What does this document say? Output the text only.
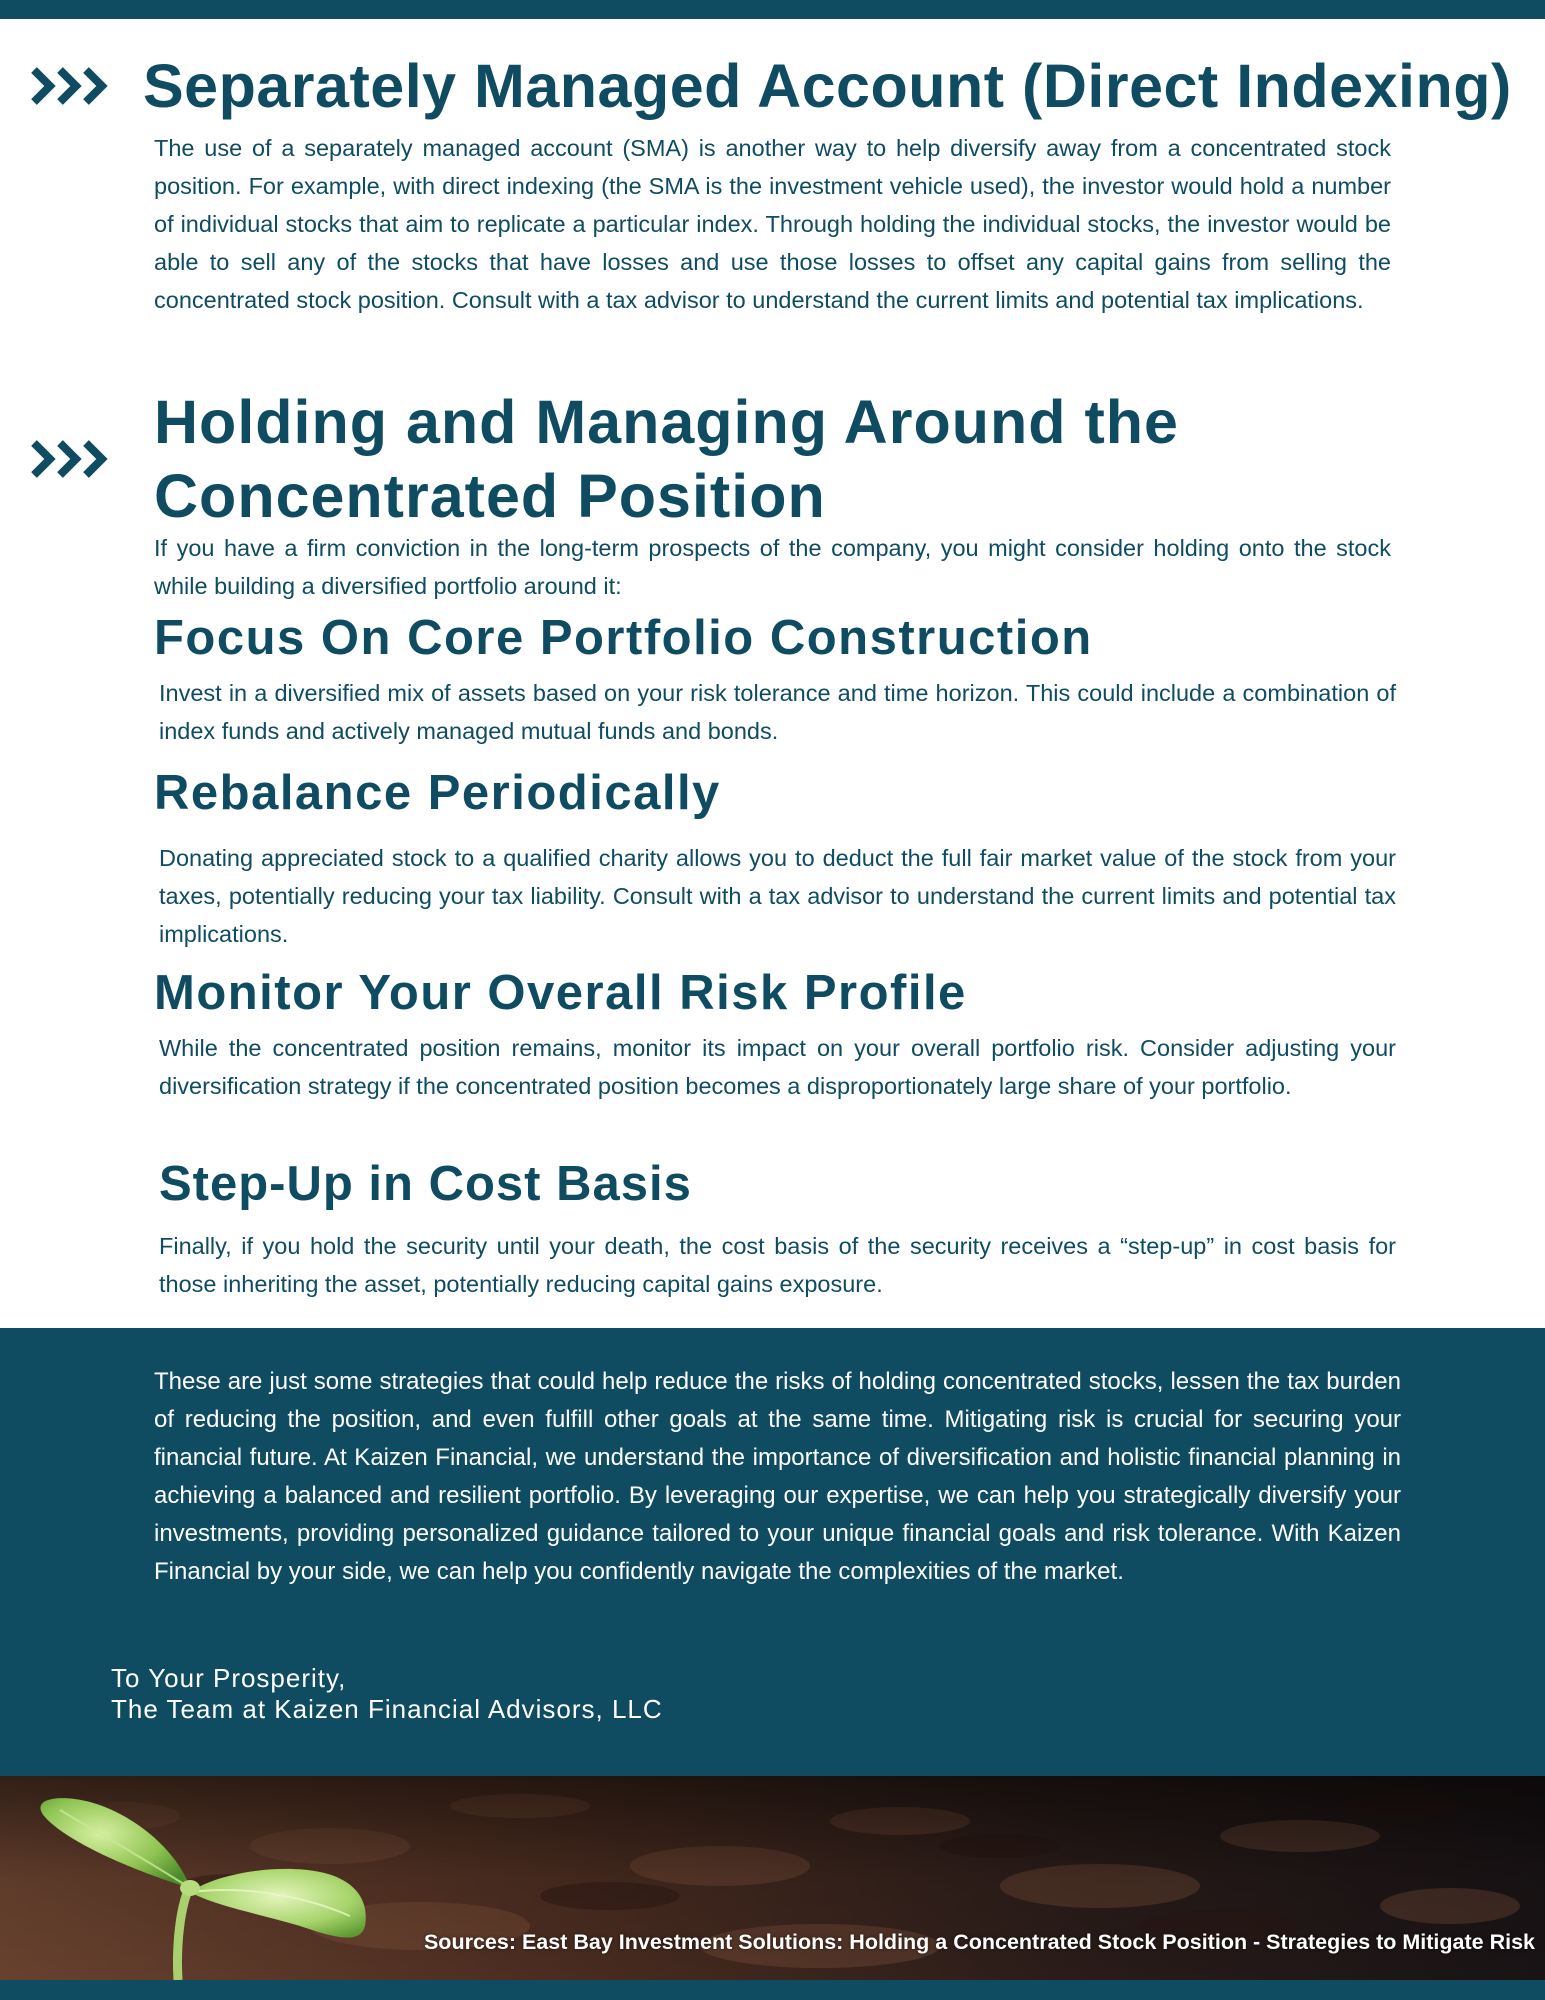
Separately Managed Account (Direct Indexing)

The use of a separately managed account (SMA) is another way to help diversify away from a concentrated stock position. For example, with direct indexing (the SMA is the investment vehicle used), the investor would hold a number of individual stocks that aim to replicate a particular index. Through holding the individual stocks, the investor would be able to sell any of the stocks that have losses and use those losses to offset any capital gains from selling the concentrated stock position. Consult with a tax advisor to understand the current limits and potential tax implications.

Holding and Managing Around the
Concentrated Position

If you have a firm conviction in the long-term prospects of the company, you might consider holding onto the stock while building a diversified portfolio around it:

Focus On Core Portfolio Construction

Invest in a diversified mix of assets based on your risk tolerance and time horizon. This could include a combination of index funds and actively managed mutual funds and bonds.

Rebalance Periodically

Donating appreciated stock to a qualified charity allows you to deduct the full fair market value of the stock from your taxes, potentially reducing your tax liability. Consult with a tax advisor to understand the current limits and potential tax implications.

Monitor Your Overall Risk Profile

While the concentrated position remains, monitor its impact on your overall portfolio risk. Consider adjusting your diversification strategy if the concentrated position becomes a disproportionately large share of your portfolio.

Step-Up in Cost Basis

Finally, if you hold the security until your death, the cost basis of the security receives a “step-up” in cost basis for those inheriting the asset, potentially reducing capital gains exposure.

These are just some strategies that could help reduce the risks of holding concentrated stocks, lessen the tax burden of reducing the position, and even fulfill other goals at the same time. Mitigating risk is crucial for securing your financial future. At Kaizen Financial, we understand the importance of diversification and holistic financial planning in achieving a balanced and resilient portfolio. By leveraging our expertise, we can help you strategically diversify your investments, providing personalized guidance tailored to your unique financial goals and risk tolerance. With Kaizen Financial by your side, we can help you confidently navigate the complexities of the market.

To Your Prosperity,
The Team at Kaizen Financial Advisors, LLC
Sources: East Bay Investment Solutions: Holding a Concentrated Stock Position - Strategies to Mitigate Risk
